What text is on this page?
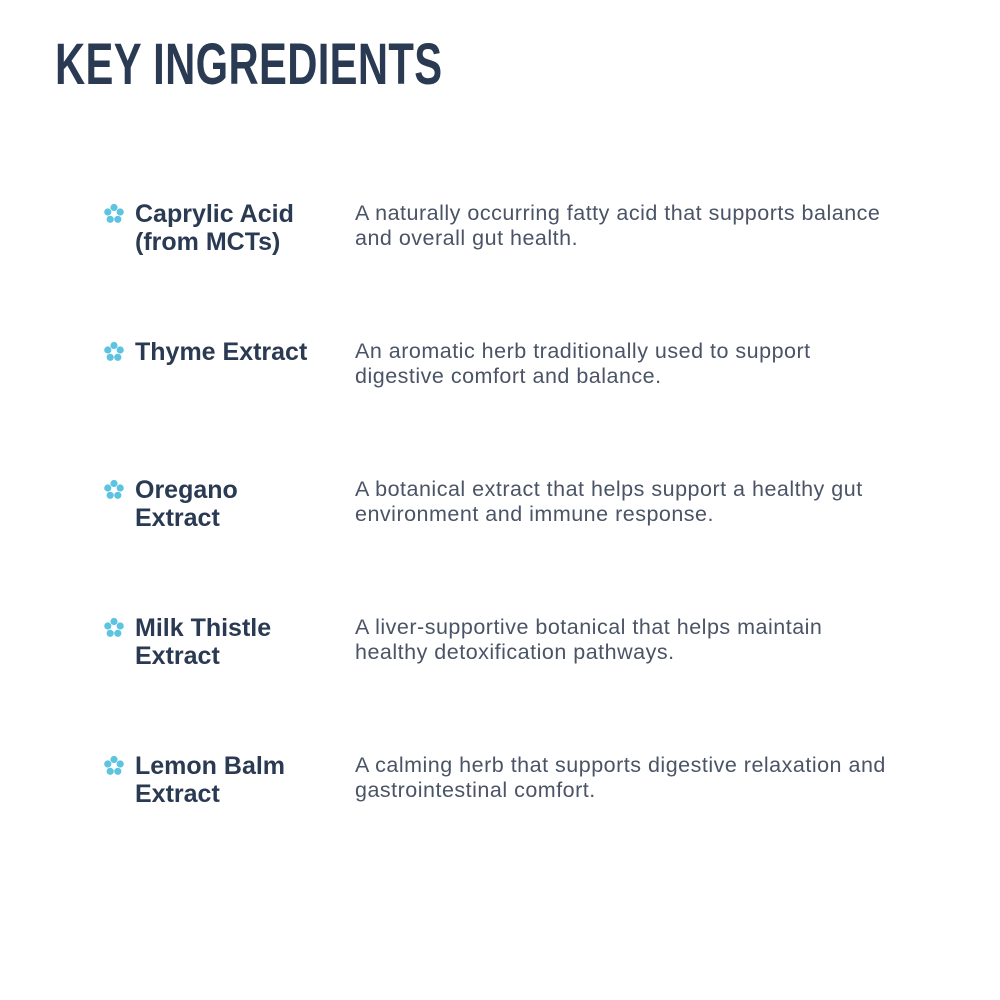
KEY INGREDIENTS
Caprylic Acid (from MCTs)
A naturally occurring fatty acid that supports balance and overall gut health.
Thyme Extract	An aromatic herb traditionally used to support digestive comfort and balance.
Oregano Extract
A botanical extract that helps support a healthy gut environment and immune response.
Milk Thistle Extract
A liver-supportive botanical that helps maintain healthy detoxification pathways.
Lemon Balm Extract
A calming herb that supports digestive relaxation and gastrointestinal comfort.
